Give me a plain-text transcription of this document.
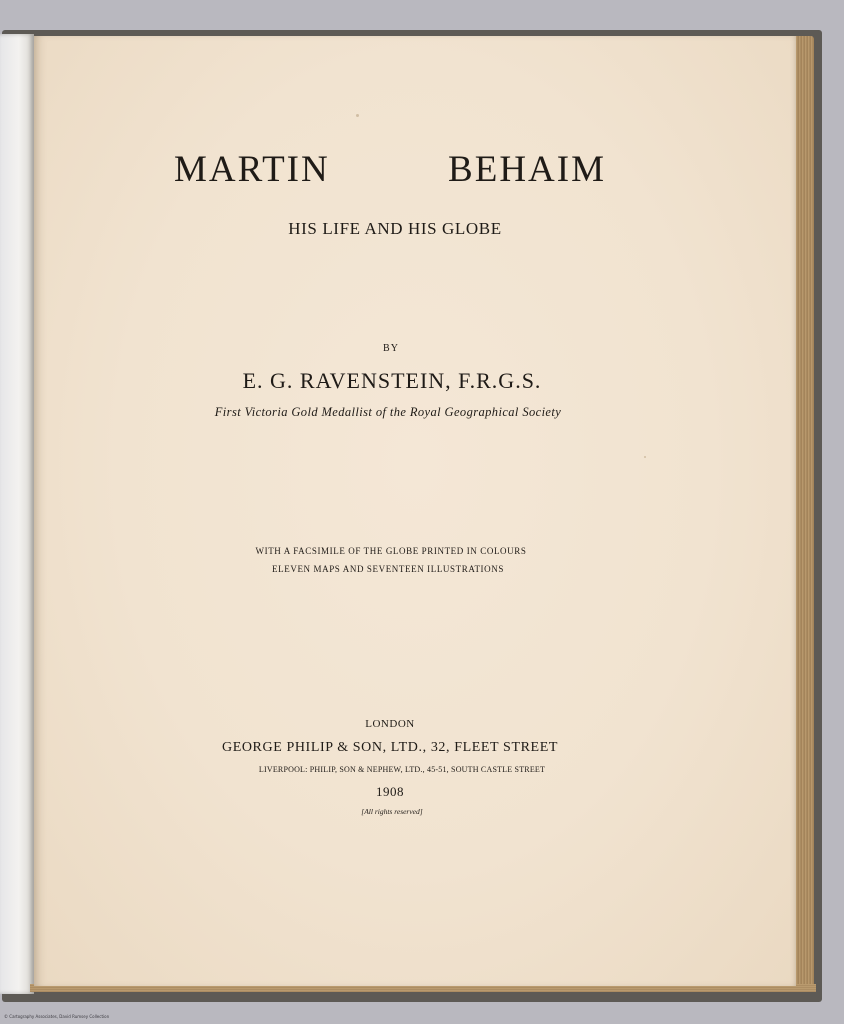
MARTIN	BEHAIM
HIS LIFE AND HIS GLOBE
BY
E. G. RAVENSTEIN, F.R.G.S.
First Victoria Gold Medallist of the Royal Geographical Society
WITH A FACSIMILE OF THE GLOBE PRINTED IN COLOURS
ELEVEN MAPS AND SEVENTEEN ILLUSTRATIONS
LONDON
GEORGE PHILIP & SON, LTD., 32, FLEET STREET
LIVERPOOL: PHILIP, SON & NEPHEW, LTD., 45-51, SOUTH CASTLE STREET
1908
[All rights reserved]
© Cartography Associates, David Rumsey Collection
